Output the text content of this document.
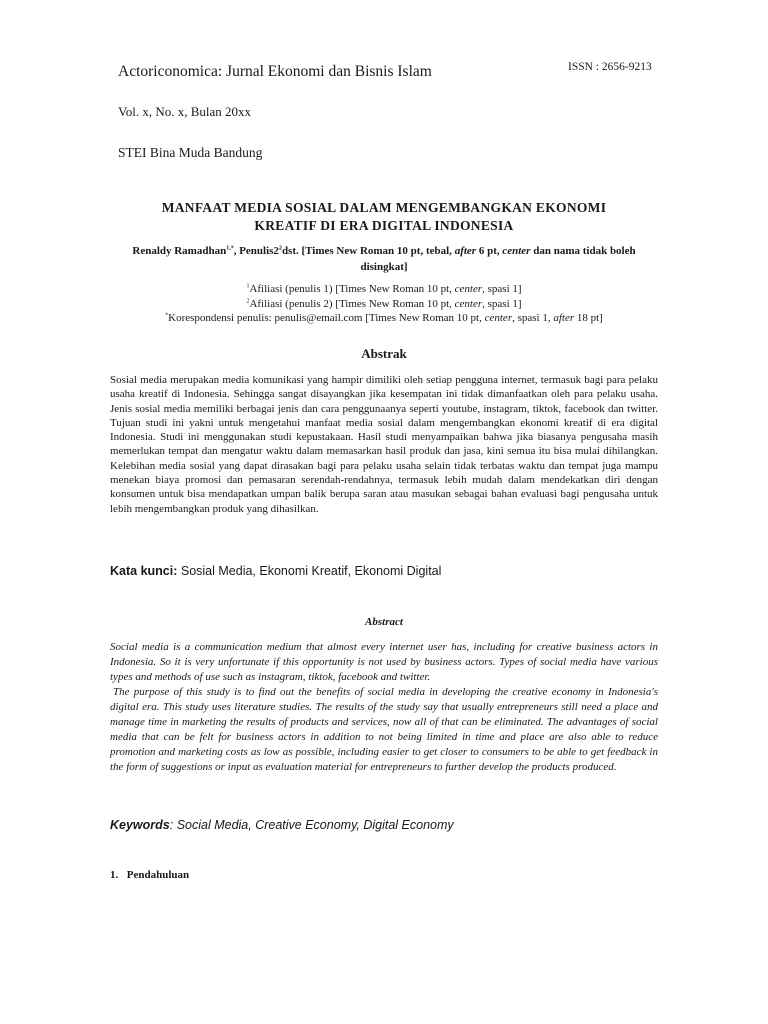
Actoriconomica: Jurnal Ekonomi dan Bisnis Islam	ISSN : 2656-9213
Vol. x, No. x, Bulan 20xx
STEI Bina Muda Bandung
MANFAAT MEDIA SOSIAL DALAM MENGEMBANGKAN EKONOMI
KREATIF DI ERA DIGITAL INDONESIA
Renaldy Ramadhan$^{1,*}$, $Penulis2^2dst$. [Times New Roman 10 pt, tebal, after 6 pt, center dan nama tidak boleh disingkat]
$^1$Afiliasi (penulis 1) [Times New Roman 10 pt, center, spasi 1]
$^2$Afiliasi (penulis 2) [Times New Roman 10 pt, center, spasi 1]
*Korespondensi penulis: penulis@email.com [Times New Roman 10 pt, center, spasi 1, after 18 pt]
Abstrak
Sosial media merupakan media komunikasi yang hampir dimiliki oleh setiap pengguna internet, termasuk bagi para pelaku usaha kreatif di Indonesia. Sehingga sangat disayangkan jika kesempatan ini tidak dimanfaatkan oleh para pelaku usaha. Jenis sosial media memiliki berbagai jenis dan cara penggunaanya seperti youtube, instagram, tiktok, facebook dan twitter. Tujuan studi ini yakni untuk mengetahui manfaat media sosial dalam mengembangkan ekonomi kreatif di era digital Indonesia. Studi ini menggunakan studi kepustakaan. Hasil studi menyampaikan bahwa jika biasanya pengusaha masih memerlukan tempat dan mengatur waktu dalam memasarkan hasil produk dan jasa, kini semua itu bisa mulai dihilangkan. Kelebihan media sosial yang dapat dirasakan bagi para pelaku usaha selain tidak terbatas waktu dan tempat juga mampu menekan biaya promosi dan pemasaran serendah-rendahnya, termasuk lebih mudah dalam mendekatkan diri dengan konsumen untuk bisa mendapatkan umpan balik berupa saran atau masukan sebagai bahan evaluasi bagi pengusaha untuk lebih mengembangkan produk yang dihasilkan.
Kata kunci: Sosial Media, Ekonomi Kreatif, Ekonomi Digital
Abstract

Social media is a communication medium that almost every internet user has, including for creative business actors in Indonesia. So it is very unfortunate if this opportunity is not used by business actors. Types of social media have various types and methods of use such as instagram, tiktok, facebook and twitter.

The purpose of this study is to find out the benefits of social media in developing the creative economy in Indonesia's digital era. This study uses literature studies. The results of the study say that usually entrepreneurs still need a place and manage time in marketing the results of products and services, now all of that can be eliminated. The advantages of social media that can be felt for business actors in addition to not being limited in time and place are also able to reduce promotion and marketing costs as low as possible, including easier to get closer to consumers to be able to get feedback in the form of suggestions or input as evaluation material for entrepreneurs to further develop the products produced.

Keywords: Social Media, Creative Economy, Digital Economy
1. Pendahuluan
